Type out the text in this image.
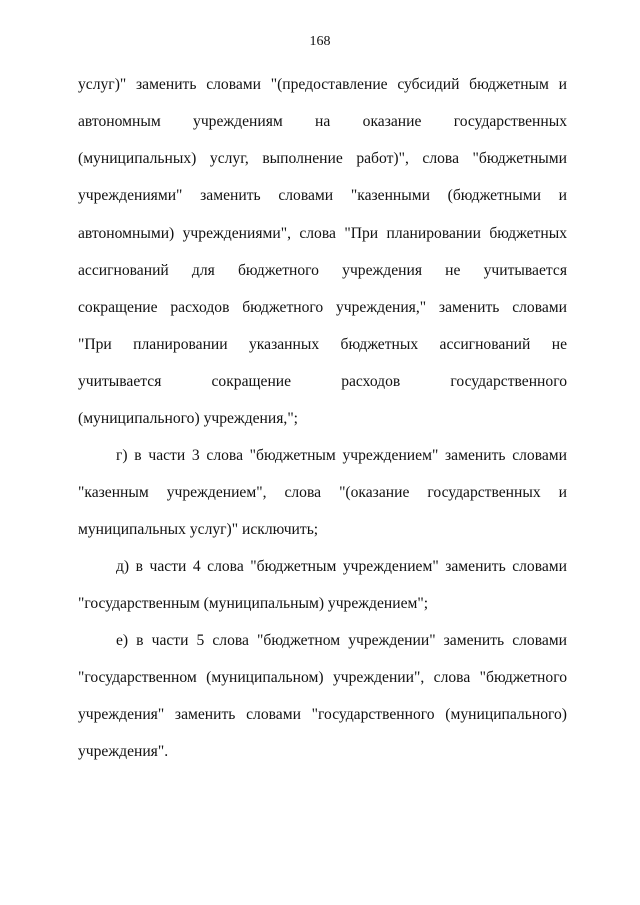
168
услуг)" заменить словами "(предоставление субсидий бюджетным и
автономным учреждениям на оказание государственных
(муниципальных) услуг, выполнение работ)", слова "бюджетными
учреждениями" заменить словами "казенными (бюджетными и
автономными) учреждениями", слова "При планировании бюджетных
ассигнований для бюджетного учреждения не учитывается
сокращение расходов бюджетного учреждения," заменить словами
"При планировании указанных бюджетных ассигнований не
учитывается сокращение расходов государственного
(муниципального) учреждения,";
г) в части 3 слова "бюджетным учреждением" заменить словами
"казенным учреждением", слова "(оказание государственных и
муниципальных услуг)" исключить;
д) в части 4 слова "бюджетным учреждением" заменить словами
"государственным (муниципальным) учреждением";
е) в части 5 слова "бюджетном учреждении" заменить словами
"государственном (муниципальном) учреждении", слова "бюджетного
учреждения" заменить словами "государственного (муниципального)
учреждения".
